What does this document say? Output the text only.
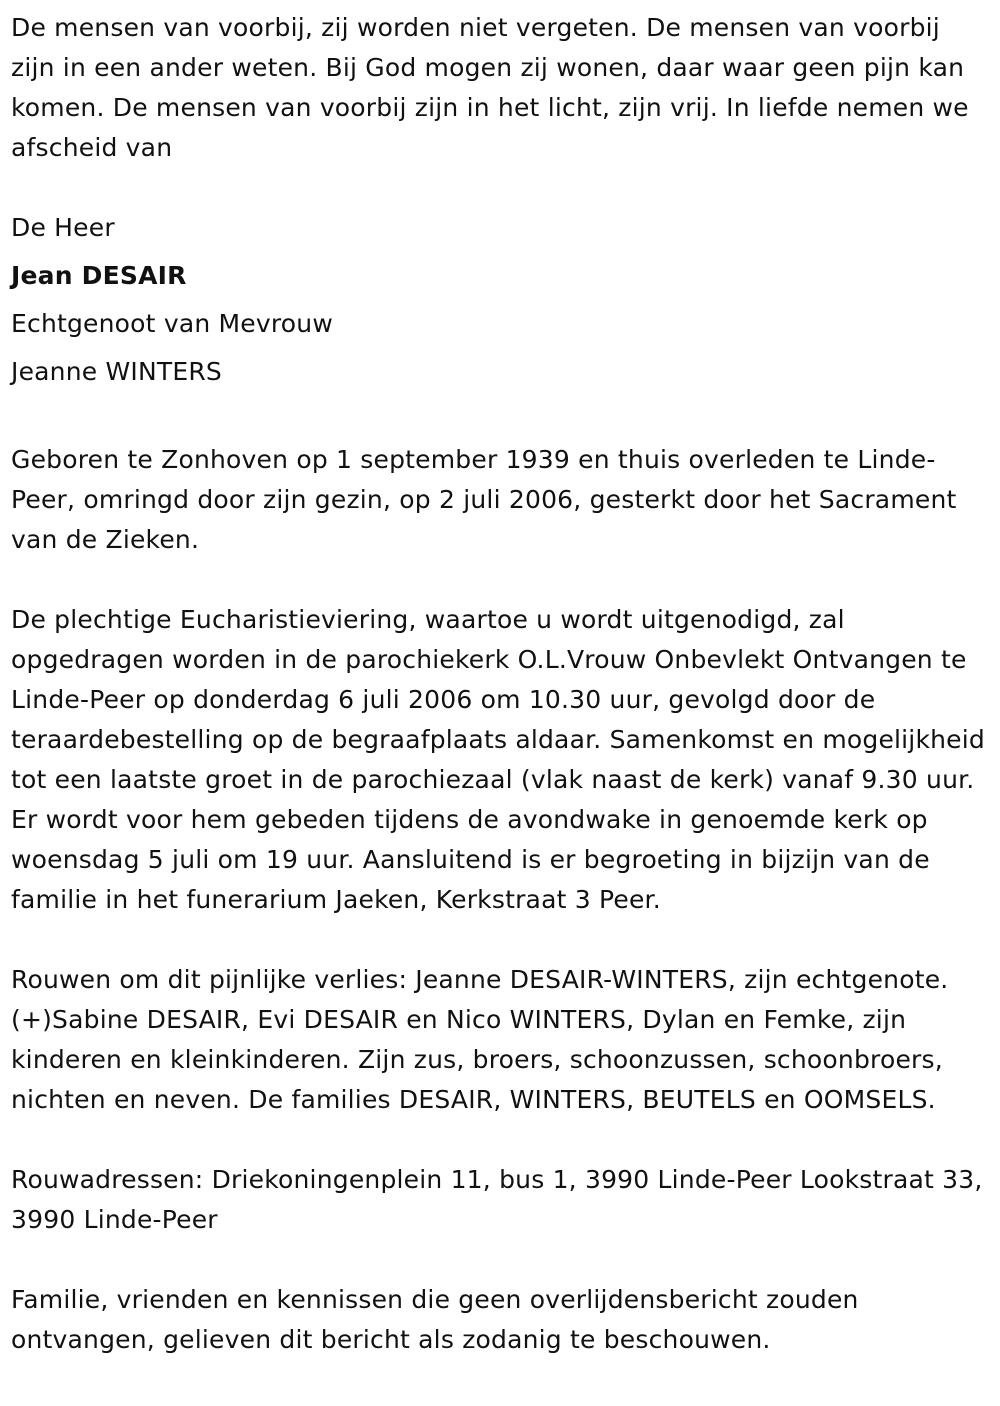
De mensen van voorbij, zij worden niet vergeten. De mensen van voorbij zijn in een ander weten. Bij God mogen zij wonen, daar waar geen pijn kan komen. De mensen van voorbij zijn in het licht, zijn vrij. In liefde nemen we afscheid van

De Heer
Jean DESAIR
Echtgenoot van Mevrouw
Jeanne WINTERS

Geboren te Zonhoven op 1 september 1939 en thuis overleden te Linde-Peer, omringd door zijn gezin, op 2 juli 2006, gesterkt door het Sacrament van de Zieken.

De plechtige Eucharistieviering, waartoe u wordt uitgenodigd, zal opgedragen worden in de parochiekerk O.L.Vrouw Onbevlekt Ontvangen te Linde-Peer op donderdag 6 juli 2006 om 10.30 uur, gevolgd door de teraardebestelling op de begraafplaats aldaar. Samenkomst en mogelijkheid tot een laatste groet in de parochiezaal (vlak naast de kerk) vanaf 9.30 uur. Er wordt voor hem gebeden tijdens de avondwake in genoemde kerk op woensdag 5 juli om 19 uur. Aansluitend is er begroeting in bijzijn van de familie in het funerarium Jaeken, Kerkstraat 3 Peer.

Rouwen om dit pijnlijke verlies: Jeanne DESAIR-WINTERS, zijn echtgenote. (+)Sabine DESAIR, Evi DESAIR en Nico WINTERS, Dylan en Femke, zijn kinderen en kleinkinderen. Zijn zus, broers, schoonzussen, schoonbroers, nichten en neven. De families DESAIR, WINTERS, BEUTELS en OOMSELS.

Rouwadressen: Driekoningenplein 11, bus 1, 3990 Linde-Peer Lookstraat 33, 3990 Linde-Peer

Familie, vrienden en kennissen die geen overlijdensbericht zouden ontvangen, gelieven dit bericht als zodanig te beschouwen.
